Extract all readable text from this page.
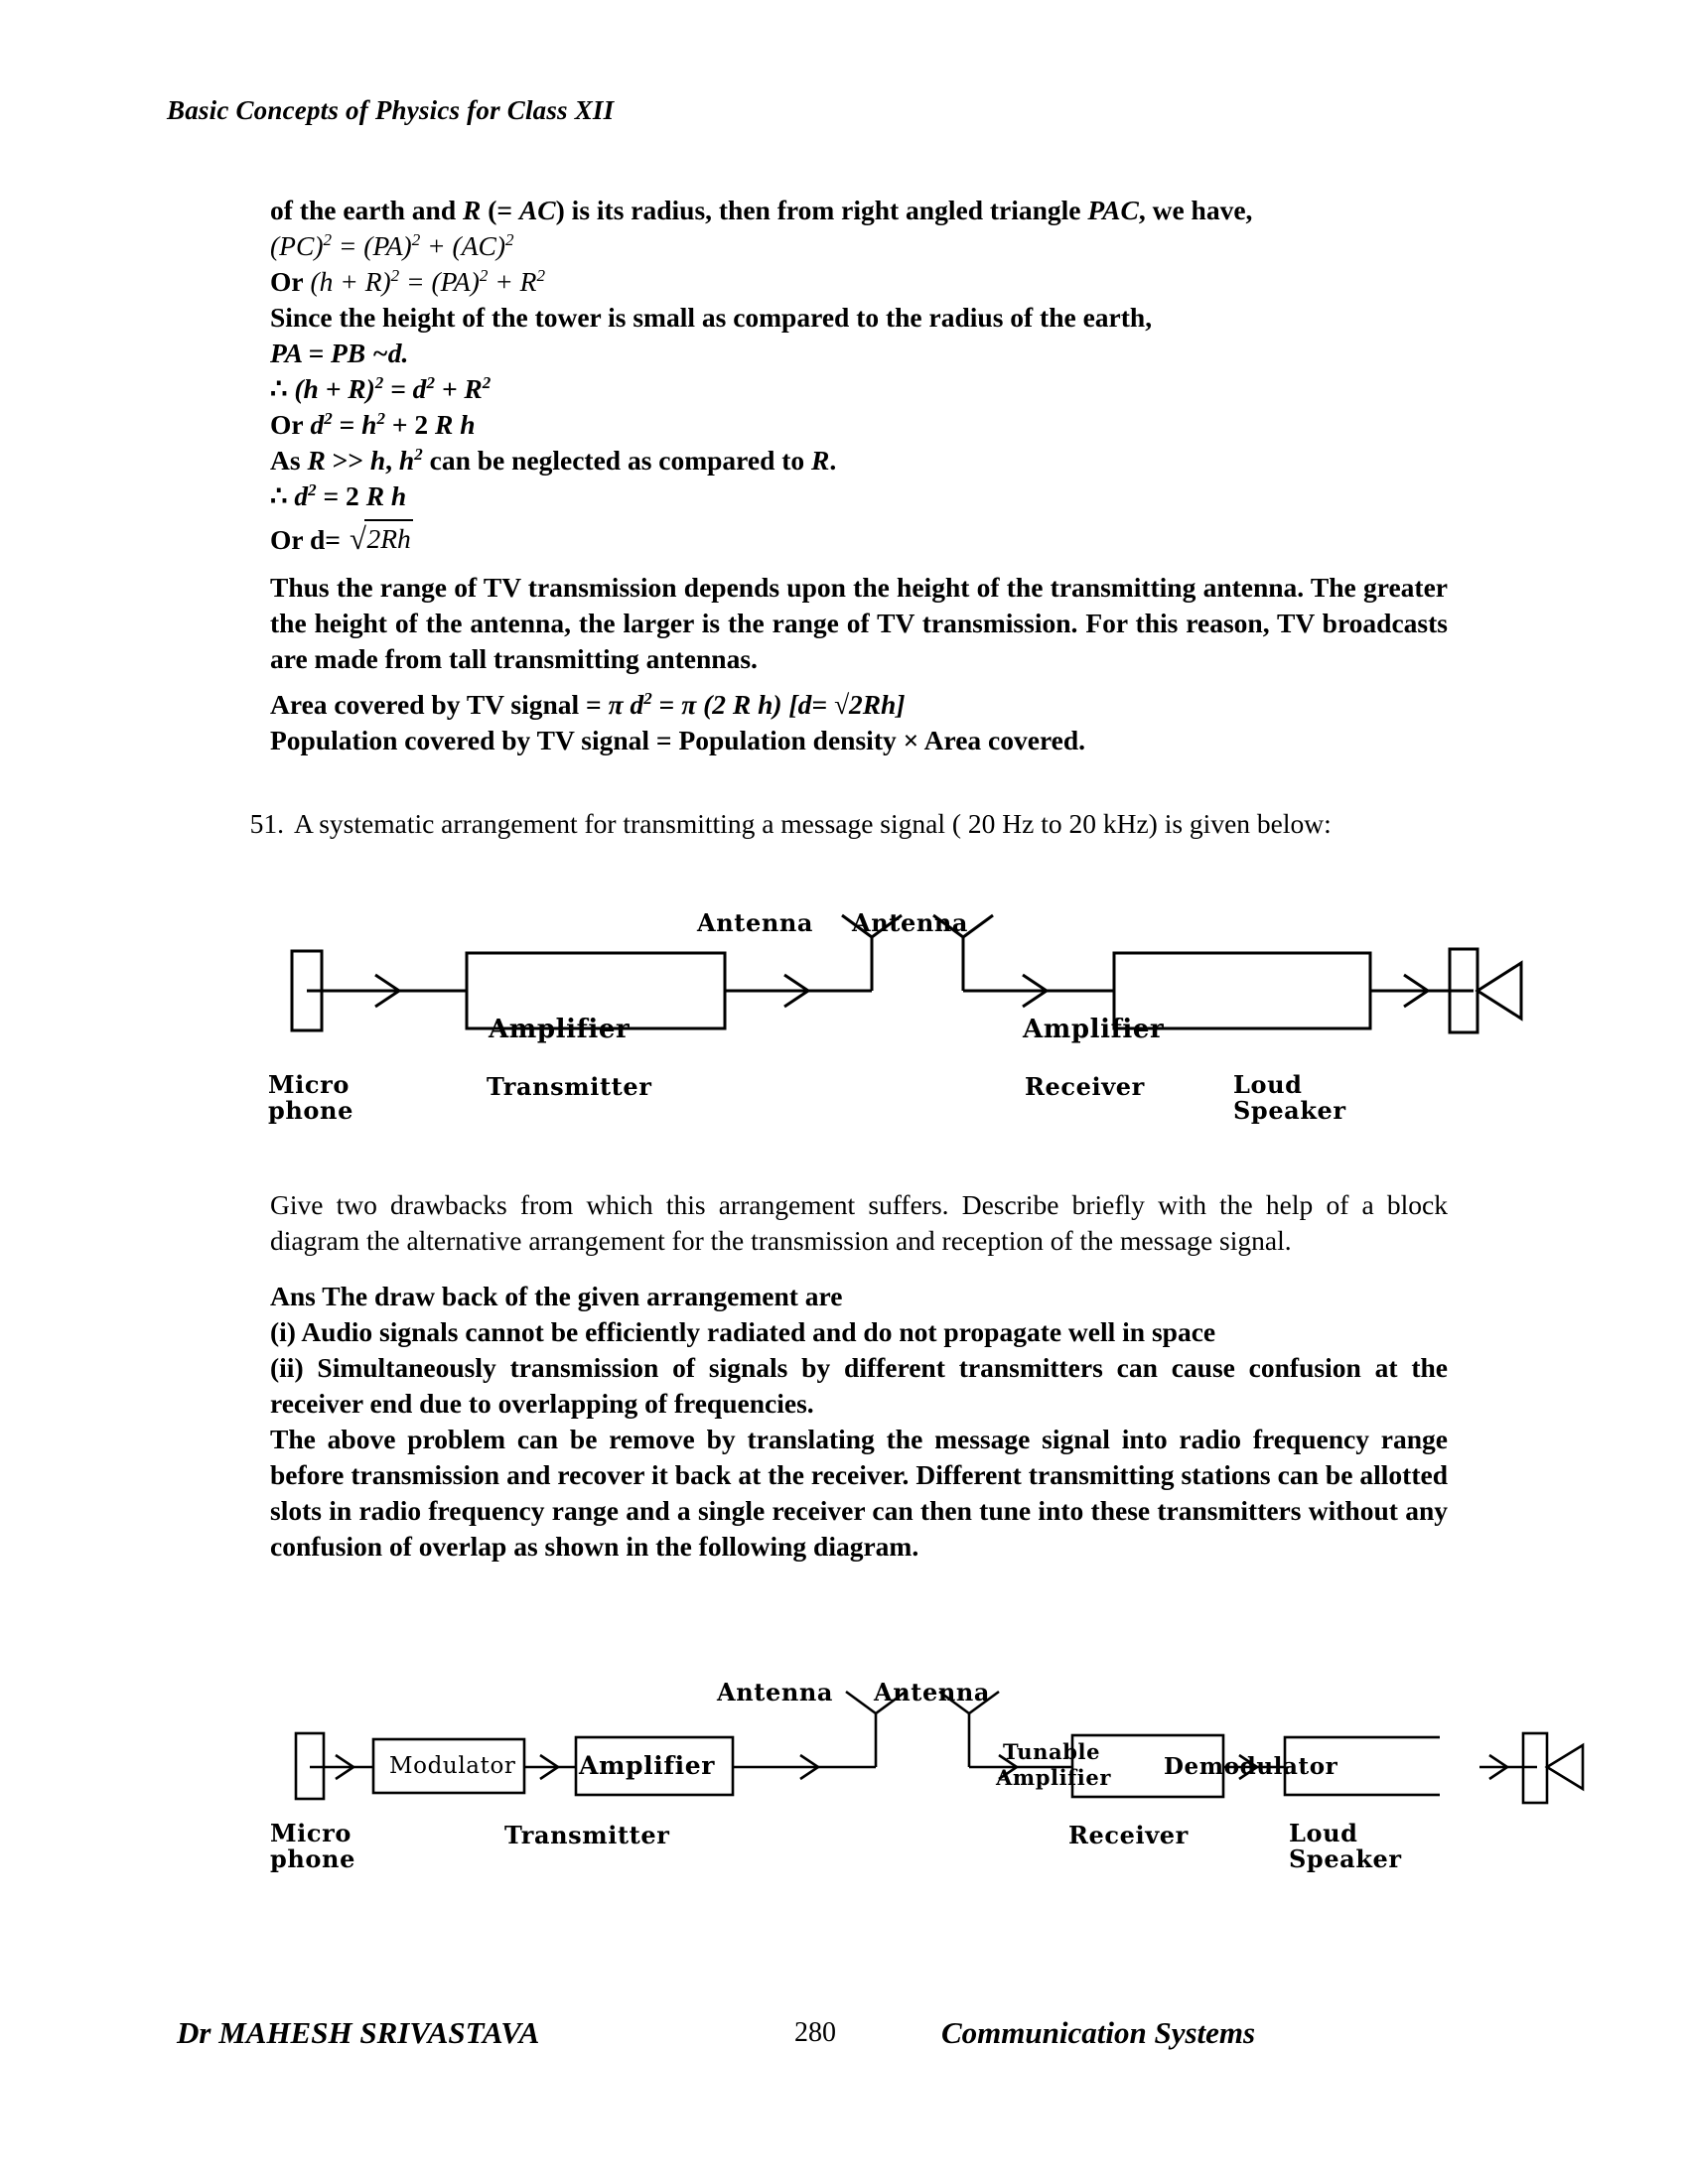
Basic Concepts of Physics for Class XII

of the earth and R (= AC) is its radius, then from right angled triangle PAC, we have,

(PC)$^2$ = (PA)$^2$ + (AC)$^2$

Or $(h + R)^2 = (PA)^2 + R^2$

Since the height of the tower is small as compared to the radius of the earth,

PA = PB ~d.

∴ $(h + R)^2 = d^2 + R^2$

Or $d^2 = h^2 + 2$ R h

As R >> h, $h^2$ can be neglected as compared to R.

∴ $d^2 = 2$ R h

Or d= √2Rh

Thus the range of TV transmission depends upon the height of the transmitting antenna. The greater the height of the antenna, the larger is the range of TV transmission. For this reason, TV broadcasts are made from tall transmitting antennas.

Area covered by TV signal = π $d^2 = \pi$ (2 R h) [d= √2Rh]

Population covered by TV signal = Population density × Area covered.

51. A systematic arrangement for transmitting a message signal ( 20 Hz to 20 kHz) is given below:
Antenna Antenna
Amplifier	Amplifier
Micro
phone
Transmitter	Receiver	Loud
Speaker
Give two drawbacks from which this arrangement suffers. Describe briefly with the help of a block diagram the alternative arrangement for the transmission and reception of the message signal.

Ans The draw back of the given arrangement are

(i) Audio signals cannot be efficiently radiated and do not propagate well in space

(ii) Simultaneously transmission of signals by different transmitters can cause confusion at the receiver end due to overlapping of frequencies.

The above problem can be remove by translating the message signal into radio frequency range before transmission and recover it back at the receiver. Different transmitting stations can be allotted slots in radio frequency range and a single receiver can then tune into these transmitters without any confusion of overlap as shown in the following diagram.

Antenna Antenna
Modulator	Amplifier	Tunable
Amplifier Demodulator
Micro
phone
Transmitter	Receiver	Loud
Speaker
Dr MAHESH SRIVASTAVA	280	Communication Systems
